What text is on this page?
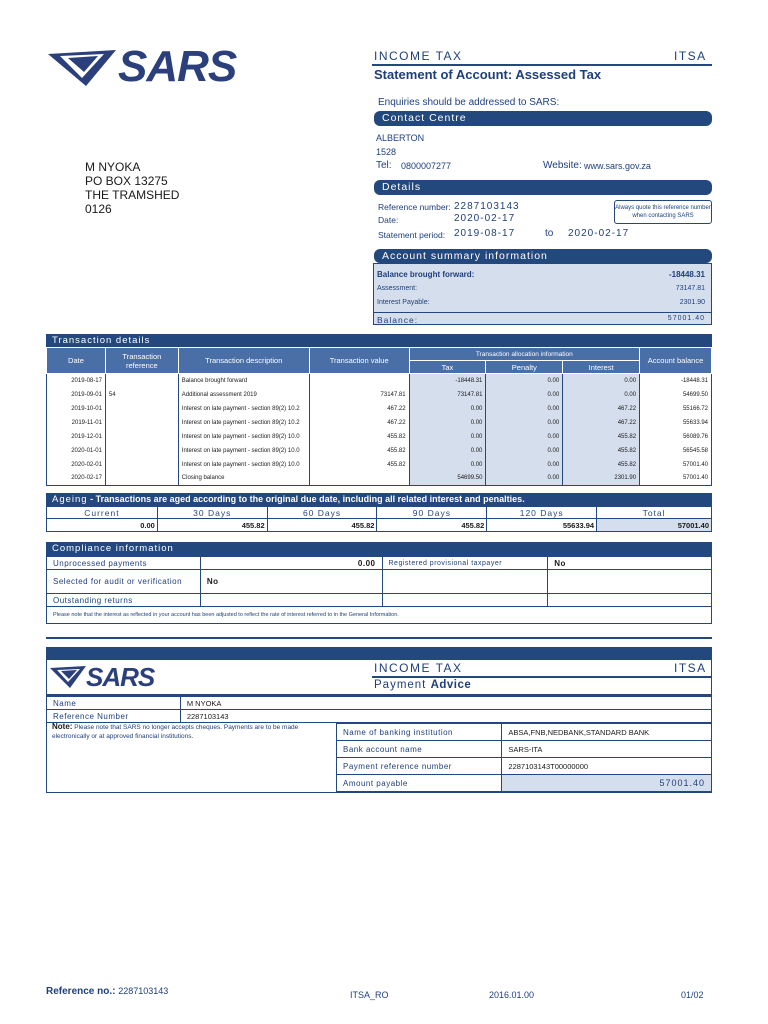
SARS	INCOME TAX	ITSA
Statement of Account: Assessed Tax
Enquiries should be addressed to SARS:
Contact Centre
ALBERTON
1528
Tel: 0800007277	Website: www.sars.gov.za
M NYOKA
PO BOX 13275
THE TRAMSHED
0126
Details
Reference number: 2287103143
Date:	2020-02-17
Statement period: 2019-08-17	to 2020-02-17
Always quote this reference number when contacting SARS
Account summary information
Balance brought forward:	-18448.31
Assessment:	73147.81
Interest Payable:	2301.90
Balance:	57001.40
Transaction details
Date	Transaction reference	Transaction description	Transaction value	Transaction allocation information			Account balance
				Tax	Penalty	Interest	
2019-08-17		Balance brought forward		-18448.31	0.00	0.00	-18448.31
2019-09-01	54	Additional assessment 2019	73147.81	73147.81	0.00	0.00	54699.50
2019-10-01		Interest on late payment - section 89(2) 10.2	467.22	0.00	0.00	467.22	55166.72
2019-11-01		Interest on late payment - section 89(2) 10.2	467.22	0.00	0.00	467.22	55633.94
2019-12-01		Interest on late payment - section 89(2) 10.0	455.82	0.00	0.00	455.82	56089.76
2020-01-01		Interest on late payment - section 89(2) 10.0	455.82	0.00	0.00	455.82	56545.58
2020-02-01		Interest on late payment - section 89(2) 10.0	455.82	0.00	0.00	455.82	57001.40
2020-02-17		Closing balance		54699.50	0.00	2301.90	57001.40
Ageing - Transactions are aged according to the original due date, including all related interest and penalties.
Current	30 Days	60 Days	90 Days	120 Days	Total
0.00	455.82	455.82	455.82	55633.94	57001.40
Compliance information
Unprocessed payments	0.00	Registered provisional taxpayer	No
Selected for audit or verification	No		
Outstanding returns			
Please note that the interest as reflected in your account has been adjusted to reflect the rate of interest referred to in the General Information.			
SARS	INCOME TAX	ITSA
Payment Advice
Name	M NYOKA
Reference Number	2287103143
Note: Please note that SARS no longer accepts cheques. Payments are to be made electronically or at approved financial institutions.	Name of banking institution	ABSA,FNB,NEDBANK,STANDARD BANK
Bank account name	SARS-ITA
Payment reference number	2287103143T00000000
Amount payable	57001.40
Reference no.: 2287103143	ITSA_RO	2016.01.00	01/02
